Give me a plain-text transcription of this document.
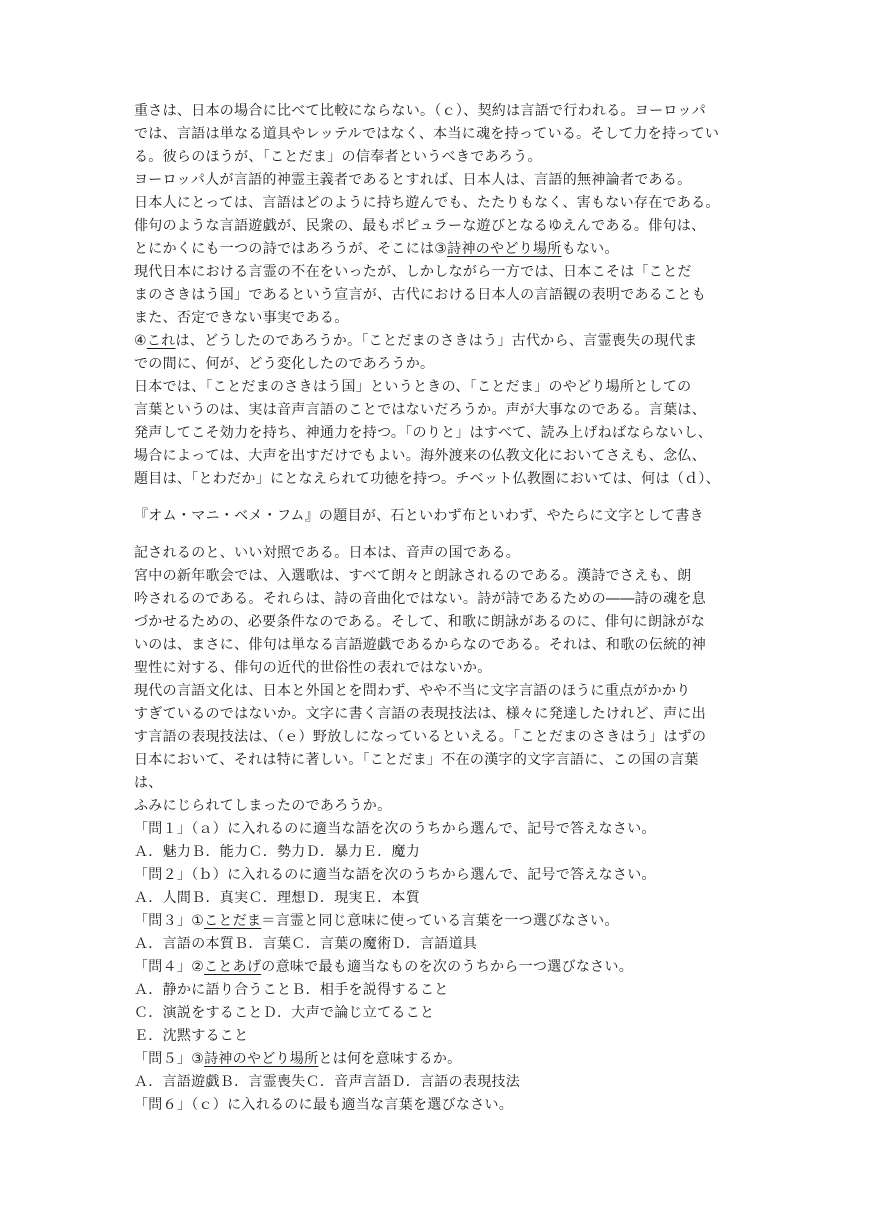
重さは、日本の場合に比べて比較にならない。（ｃ）、契約は言語で行われる。ヨーロッパ
では、言語は単なる道具やレッテルではなく、本当に魂を持っている。そして力を持ってい
る。彼らのほうが、「ことだま」の信奉者というべきであろう。
ヨーロッパ人が言語的神霊主義者であるとすれば、日本人は、言語的無神論者である。
日本人にとっては、言語はどのように持ち遊んでも、たたりもなく、害もない存在である。
俳句のような言語遊戯が、民衆の、最もポピュラーな遊びとなるゆえんである。俳句は、
とにかくにも一つの詩ではあろうが、そこには③詩神のやどり場所もない。
現代日本における言霊の不在をいったが、しかしながら一方では、日本こそは「ことだ
まのさきはう国」であるという宣言が、古代における日本人の言語観の表明であることも
また、否定できない事実である。
④これは、どうしたのであろうか。「ことだまのさきはう」古代から、言霊喪失の現代ま
での間に、何が、どう変化したのであろうか。
日本では、「ことだまのさきはう国」というときの、「ことだま」のやどり場所としての
言葉というのは、実は音声言語のことではないだろうか。声が大事なのである。言葉は、
発声してこそ効力を持ち、神通力を持つ。「のりと」はすべて、読み上げねばならないし、
場合によっては、大声を出すだけでもよい。海外渡来の仏教文化においてさえも、念仏、
題目は、「とわだか」にとなえられて功徳を持つ。チベット仏教圏においては、何は（ｄ）、
『オム・マニ・ベメ・フム』の題目が、石といわず布といわず、やたらに文字として書き
記されるのと、いい対照である。日本は、音声の国である。
宮中の新年歌会では、入選歌は、すべて朗々と朗詠されるのである。漢詩でさえも、朗
吟されるのである。それらは、詩の音曲化ではない。詩が詩であるための――詩の魂を息
づかせるための、必要条件なのである。そして、和歌に朗詠があるのに、俳句に朗詠がな
いのは、まさに、俳句は単なる言語遊戯であるからなのである。それは、和歌の伝統的神
聖性に対する、俳句の近代的世俗性の表れではないか。
現代の言語文化は、日本と外国とを問わず、やや不当に文字言語のほうに重点がかかり
すぎているのではないか。文字に書く言語の表現技法は、様々に発達したけれど、声に出
す言語の表現技法は、（ｅ）野放しになっているといえる。「ことだまのさきはう」はずの
日本において、それは特に著しい。「ことだま」不在の漢字的文字言語に、この国の言葉
は、
ふみにじられてしまったのであろうか。
「問１」（ａ）に入れるのに適当な語を次のうちから選んで、記号で答えなさい。
Ａ．魅力Ｂ．能力Ｃ．勢力Ｄ．暴力Ｅ．魔力
「問２」（ｂ）に入れるのに適当な語を次のうちから選んで、記号で答えなさい。
Ａ．人間Ｂ．真実Ｃ．理想Ｄ．現実Ｅ．本質
「問３」①ことだま＝言霊と同じ意味に使っている言葉を一つ選びなさい。
Ａ．言語の本質Ｂ．言葉Ｃ．言葉の魔術Ｄ．言語道具
「問４」②ことあげの意味で最も適当なものを次のうちから一つ選びなさい。
Ａ．静かに語り合うことＢ．相手を説得すること
Ｃ．演説をすることＤ．大声で論じ立てること
Ｅ．沈黙すること
「問５」③詩神のやどり場所とは何を意味するか。
Ａ．言語遊戯Ｂ．言霊喪失Ｃ．音声言語Ｄ．言語の表現技法
「問６」（ｃ）に入れるのに最も適当な言葉を選びなさい。
